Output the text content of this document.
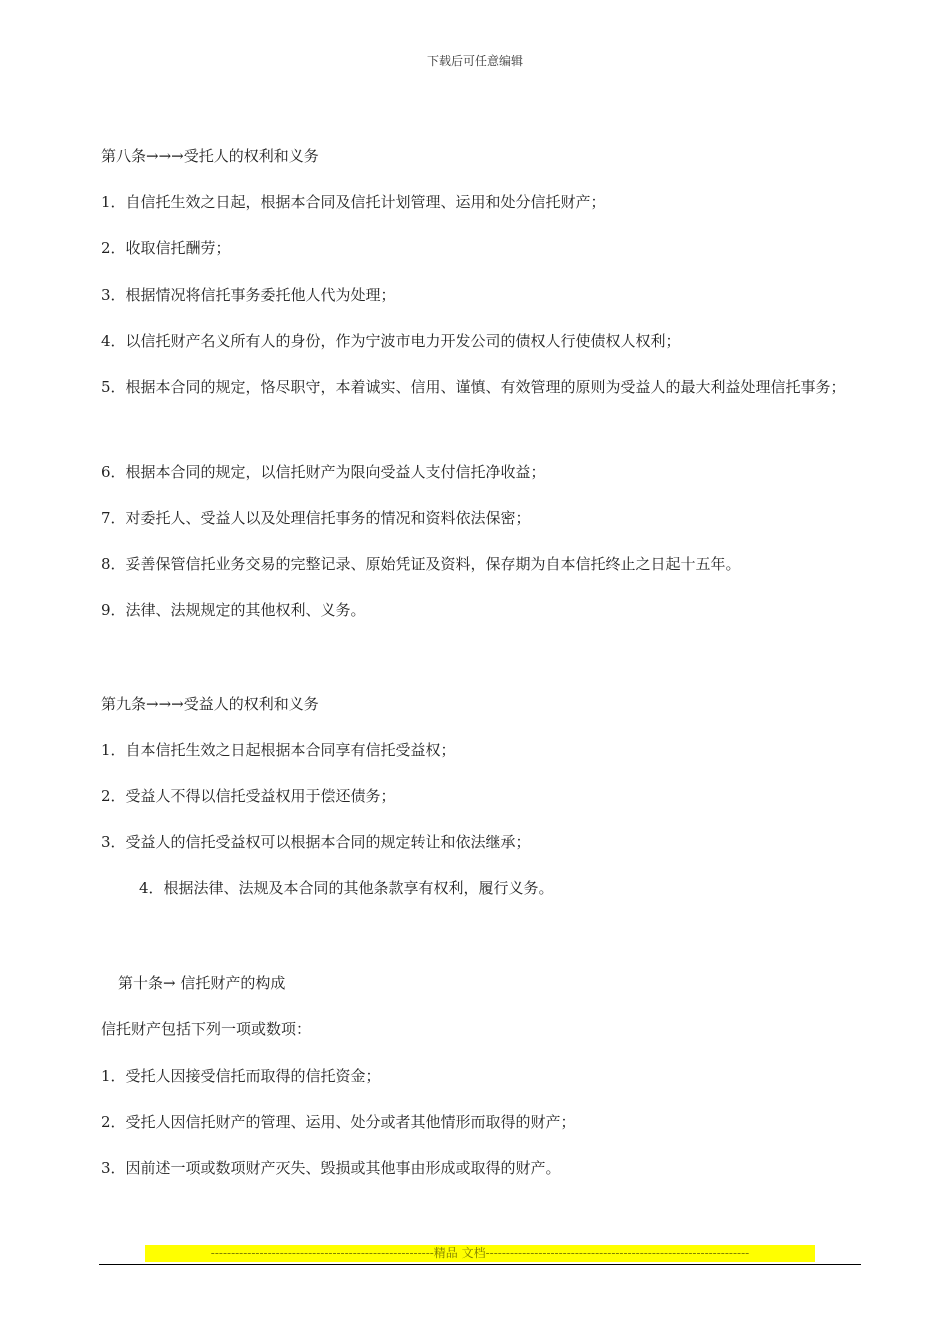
下载后可任意编辑
第八条→→→受托人的权利和义务
1．自信托生效之日起，根据本合同及信托计划管理、运用和处分信托财产；
2．收取信托酬劳；
3．根据情况将信托事务委托他人代为处理；
4．以信托财产名义所有人的身份，作为宁波市电力开发公司的债权人行使债权人权利；
5．根据本合同的规定，恪尽职守，本着诚实、信用、谨慎、有效管理的原则为受益人的最大利益处理信托事务；
6．根据本合同的规定，以信托财产为限向受益人支付信托净收益；
7．对委托人、受益人以及处理信托事务的情况和资料依法保密；
8．妥善保管信托业务交易的完整记录、原始凭证及资料，保存期为自本信托终止之日起十五年。
9．法律、法规规定的其他权利、义务。
第九条→→→受益人的权利和义务
1．自本信托生效之日起根据本合同享有信托受益权；
2．受益人不得以信托受益权用于偿还债务；
3．受益人的信托受益权可以根据本合同的规定转让和依法继承；
4．根据法律、法规及本合同的其他条款享有权利，履行义务。
第十条→ 信托财产的构成
信托财产包括下列一项或数项：
1．受托人因接受信托而取得的信托资金；
2．受托人因信托财产的管理、运用、处分或者其他情形而取得的财产；
3．因前述一项或数项财产灭失、毁损或其他事由形成或取得的财产。
-------------------------------------------------------精品 文档-----------------------------------------------------------------
